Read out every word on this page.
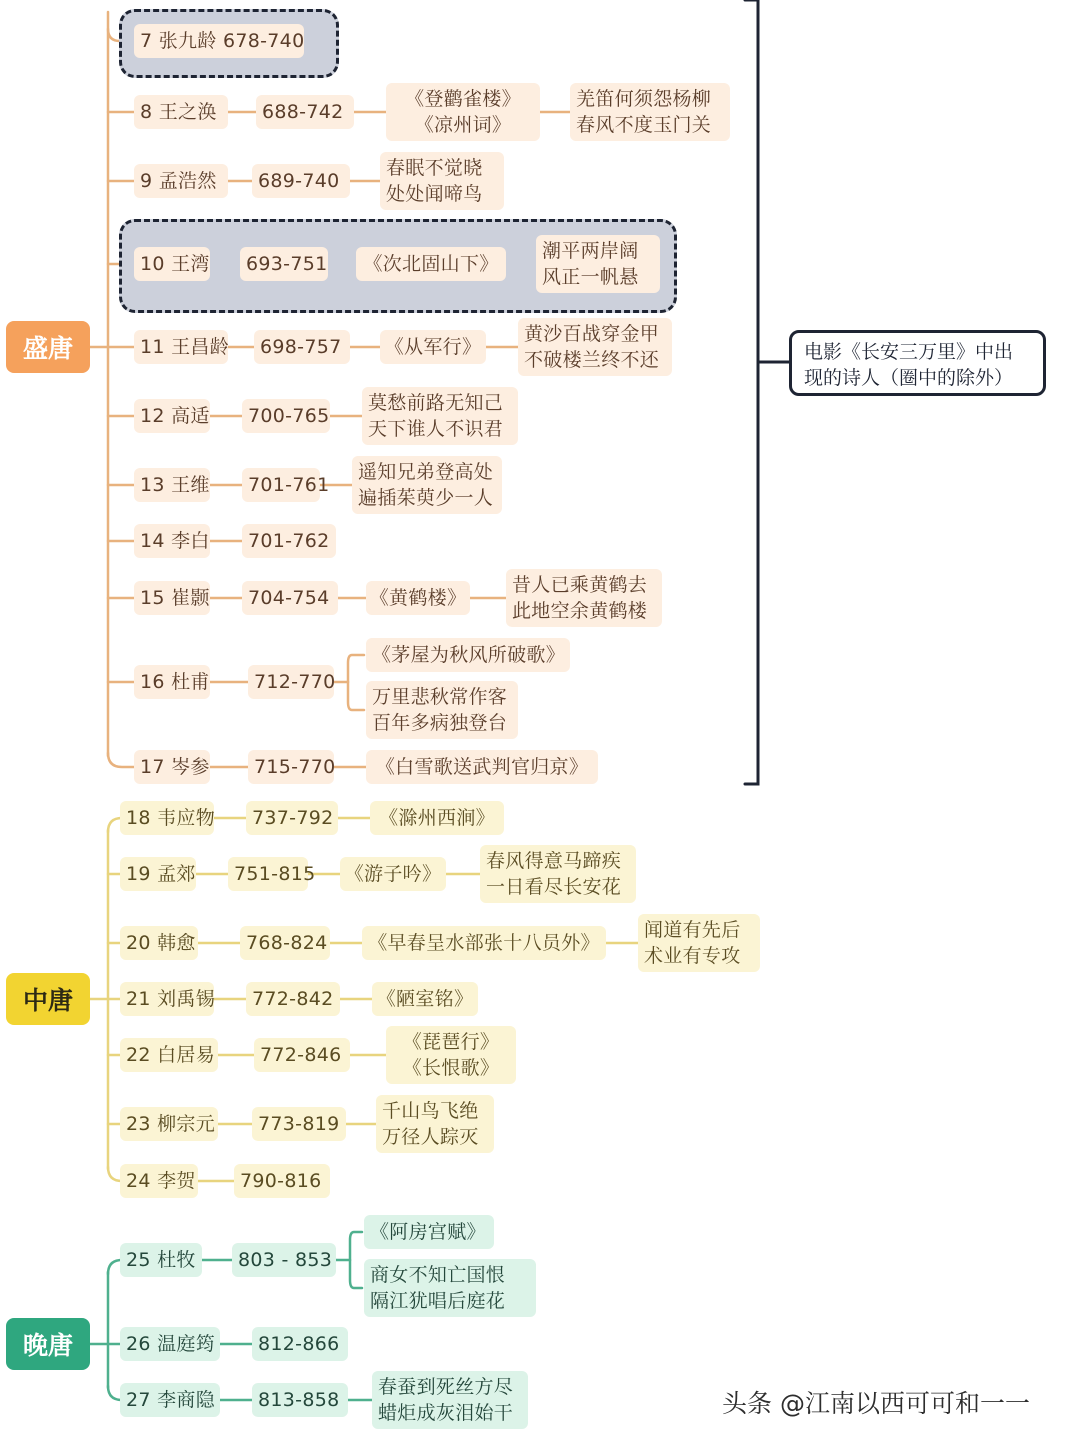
盛唐
中唐
晚唐
7 张九龄 678-740
8 王之涣	688-742
《登鹳雀楼》
《凉州词》
羌笛何须怨杨柳
春风不度玉门关
9 孟浩然	689-740
春眠不觉晓
处处闻啼鸟
10 王湾	693-751 《次北固山下》
潮平两岸阔
风正一帆悬
11 王昌龄	698-757	《从军行》
黄沙百战穿金甲
不破楼兰终不还
12 高适	700-765
莫愁前路无知己
天下谁人不识君
13 王维	701-761
遥知兄弟登高处
遍插茱萸少一人
14 李白	701-762
15 崔颢	704-754	《黄鹤楼》
昔人已乘黄鹤去
此地空余黄鹤楼
16 杜甫	712-770
《茅屋为秋风所破歌》
万里悲秋常作客
百年多病独登台
17 岑参	715-770 《白雪歌送武判官归京》
18 韦应物	737-792 《滁州西涧》
19 孟郊	751-815 《游子吟》
春风得意马蹄疾
一日看尽长安花
20 韩愈	768-824 《早春呈水部张十八员外》
闻道有先后
术业有专攻
21 刘禹锡	772-842	《陋室铭》
22 白居易	772-846
《琵琶行》
《长恨歌》
23 柳宗元	773-819
千山鸟飞绝
万径人踪灭
24 李贺	790-816
25 杜牧	803 - 853
《阿房宫赋》
商女不知亡国恨
隔江犹唱后庭花
26 温庭筠	812-866
27 李商隐	813-858
春蚕到死丝方尽
蜡炬成灰泪始干
电影《长安三万里》中出
现的诗人（圈中的除外）
头条 @江南以西可可和一一
